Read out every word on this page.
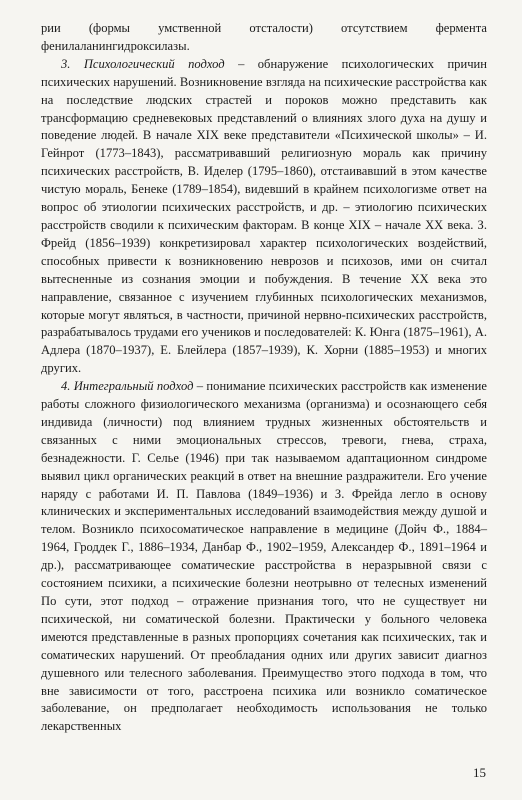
рии (формы умственной отсталости) отсутствием фермента фенилаланингидроксилазы.

3. Психологический подход – обнаружение психологических причин психических нарушений. Возникновение взгляда на психические расстройства как на последствие людских страстей и пороков можно представить как трансформацию средневековых представлений о влияниях злого духа на душу и поведение людей. В начале XIX веке представители «Психической школы» – И. Гейнрот (1773–1843), рассматривавший религиозную мораль как причину психических расстройств, В. Иделер (1795–1860), отстаивавший в этом качестве чистую мораль, Бенеке (1789–1854), видевший в крайнем психологизме ответ на вопрос об этиологии психических расстройств, и др. – этиологию психических расстройств сводили к психическим факторам. В конце XIX – начале XX века. З. Фрейд (1856–1939) конкретизировал характер психологических воздействий, способных привести к возникновению неврозов и психозов, ими он считал вытесненные из сознания эмоции и побуждения. В течение XX века это направление, связанное с изучением глубинных психологических механизмов, которые могут являться, в частности, причиной нервно-психических расстройств, разрабатывалось трудами его учеников и последователей: К. Юнга (1875–1961), А. Адлера (1870–1937), Е. Блейлера (1857–1939), К. Хорни (1885–1953) и многих других.

4. Интегральный подход – понимание психических расстройств как изменение работы сложного физиологического механизма (организма) и осознающего себя индивида (личности) под влиянием трудных жизненных обстоятельств и связанных с ними эмоциональных стрессов, тревоги, гнева, страха, безнадежности. Г. Селье (1946) при так называемом адаптационном синдроме выявил цикл органических реакций в ответ на внешние раздражители. Его учение наряду с работами И. П. Павлова (1849–1936) и З. Фрейда легло в основу клинических и экспериментальных исследований взаимодействия между душой и телом. Возникло психосоматическое направление в медицине (Дойч Ф., 1884–1964, Гроддек Г., 1886–1934, Данбар Ф., 1902–1959, Александер Ф., 1891–1964 и др.), рассматривающее соматические расстройства в неразрывной связи с состоянием психики, а психические болезни неотрывно от телесных изменений По сути, этот подход – отражение признания того, что не существует ни психической, ни соматической болезни. Практически у больного человека имеются представленные в разных пропорциях сочетания как психических, так и соматических нарушений. От преобладания одних или других зависит диагноз душевного или телесного заболевания. Преимущество этого подхода в том, что вне зависимости от того, расстроена психика или возникло соматическое заболевание, он предполагает необходимость использования не только лекарственных

15
